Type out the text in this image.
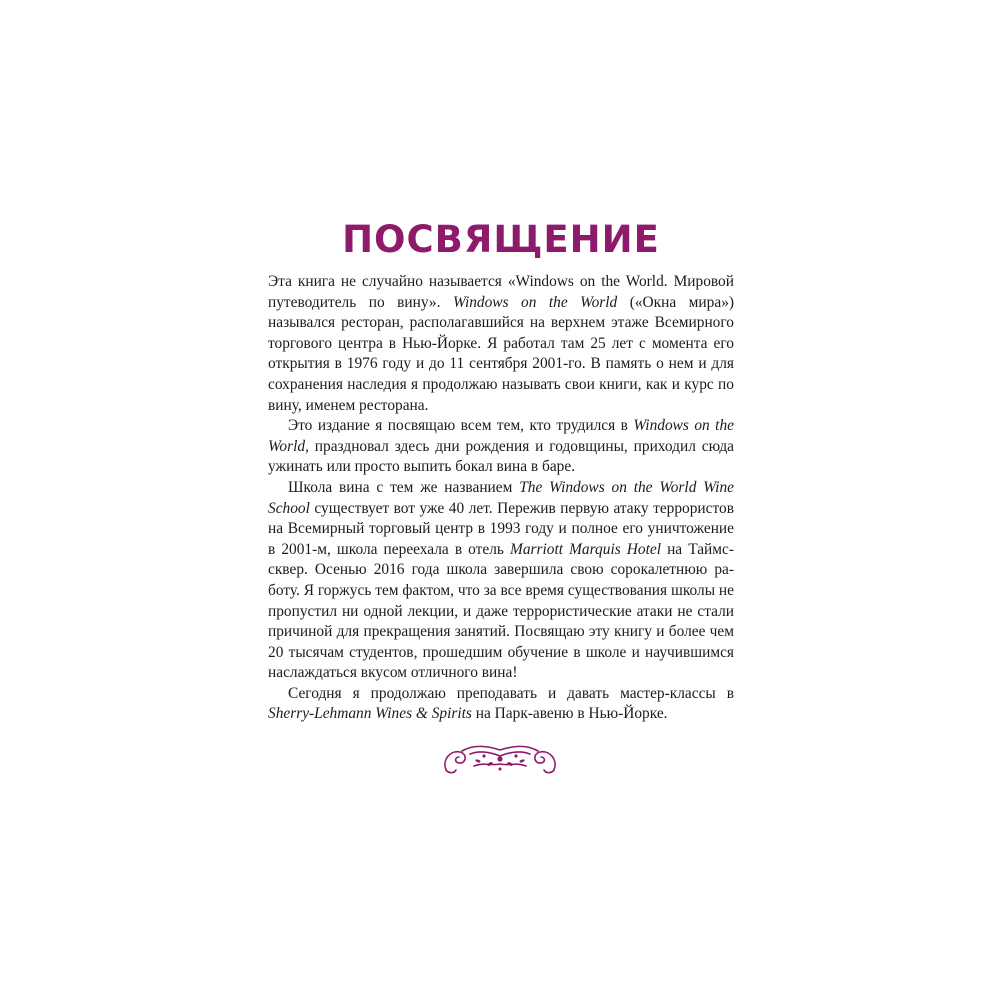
ПОСВЯЩЕНИЕ

Эта книга не случайно называется «Windows on the World. Мировой путеводитель по вину». Windows on the World («Окна мира») назывался ресторан, располагавшийся на верхнем этаже Всемирного торгового центра в Нью-Йорке. Я работал там 25 лет с момента его открытия в 1976 году и до 11 сентября 2001-го. В память о нем и для сохранения наследия я продолжаю называть свои книги, как и курс по вину, именем ресторана.

Это издание я посвящаю всем тем, кто трудился в Windows on the World, праздновал здесь дни рождения и годовщины, приходил сюда ужинать или просто выпить бокал вина в баре.

Школа вина с тем же названием The Windows on the World Wine School существует вот уже 40 лет. Пережив первую атаку террористов на Всемирный торговый центр в 1993 году и полное его уничтожение в 2001-м, школа переехала в отель Marriott Marquis Hotel на Таймссквер. Осенью 2016 года школа завершила свою сорокалетнюю работу. Я горжусь тем фактом, что за все время существования школы не пропустил ни одной лекции, и даже террористические атаки не стали причиной для прекращения занятий. Посвящаю эту книгу и более чем 20 тысячам студентов, прошедшим обучение в школе и научившимся наслаждаться вкусом отличного вина!

Сегодня я продолжаю преподавать и давать мастер-классы в Sherry-Lehmann Wines & Spirits на Парк-авеню в Нью-Йорке.
